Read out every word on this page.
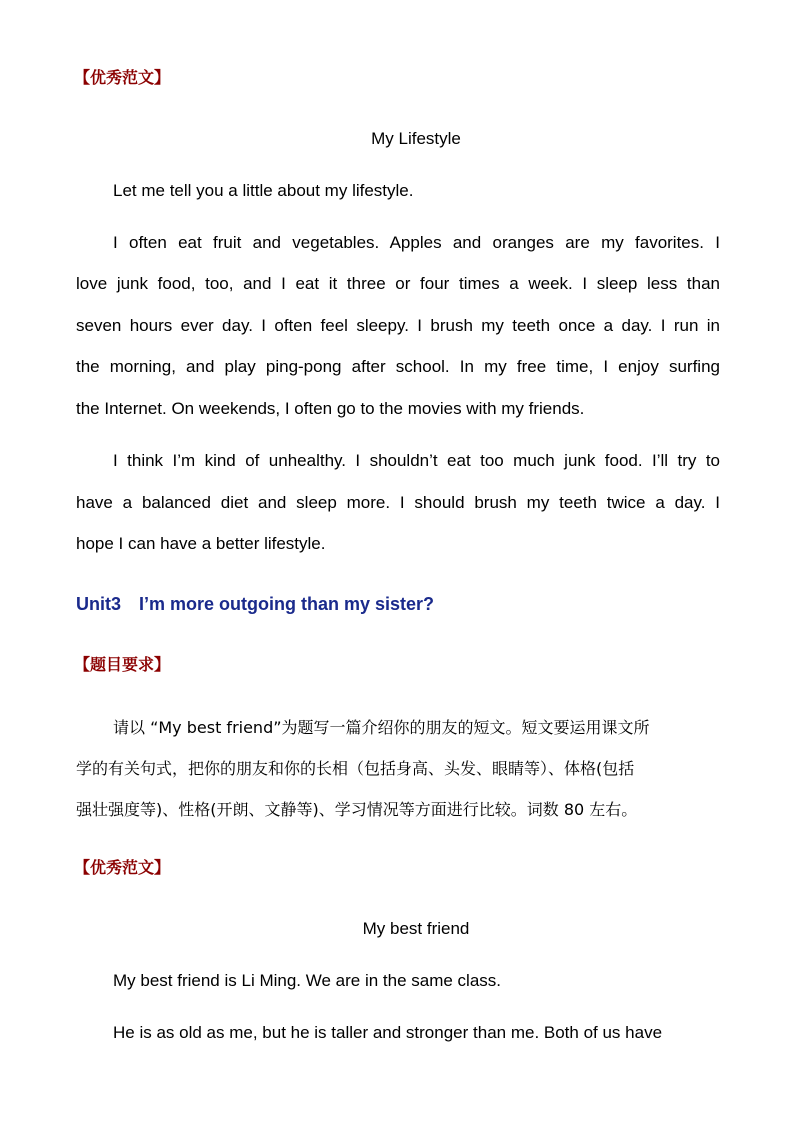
【优秀范文】
My Lifestyle
Let me tell you a little about my lifestyle.
I often eat fruit and vegetables. Apples and oranges are my favorites. I
love junk food, too, and I eat it three or four times a week. I sleep less than
seven hours ever day. I often feel sleepy. I brush my teeth once a day. I run in
the morning, and play ping-pong after school. In my free time, I enjoy surfing
the Internet. On weekends, I often go to the movies with my friends.
I think I’m kind of unhealthy. I shouldn’t eat too much junk food. I’ll try to
have a balanced diet and sleep more. I should brush my teeth twice a day. I
hope I can have a better lifestyle.
Unit3 I’m more outgoing than my sister?
【题目要求】
请以 “My best friend”为题写一篇介绍你的朋友的短文。短文要运用课文所
学的有关句式，把你的朋友和你的长相（包括身高、头发、眼睛等）、体格(包括
强壮强度等)、性格(开朗、文静等)、学习情况等方面进行比较。词数 80 左右。
【优秀范文】
My best friend
My best friend is Li Ming. We are in the same class.
He is as old as me, but he is taller and stronger than me. Both of us have
